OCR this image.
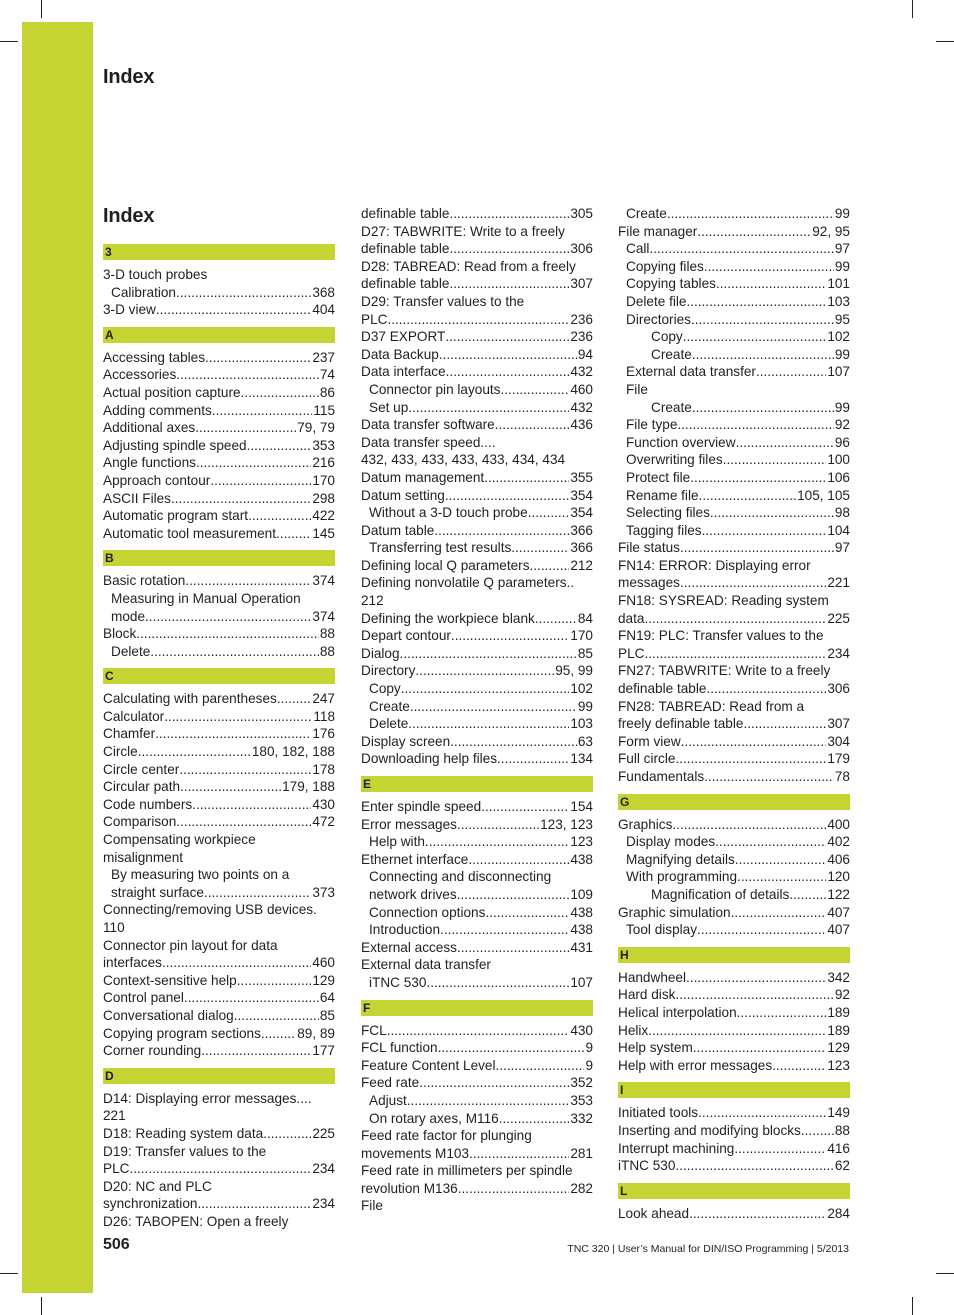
Index
Index
3
3-D touch probes
Calibration .....	368
3-D view .....	404
A
Accessing tables .....	237
Accessories .....	74
Actual position capture .....	86
Adding comments .....	115
Additional axes .....	79, 79
Adjusting spindle speed .....	353
Angle functions .....	216
Approach contour .....	170
ASCII Files .....	298
Automatic program start .....	422
Automatic tool measurement .....	145
B
Basic rotation .....	374
Measuring in Manual Operation
mode .....	374
Block .....	88
Delete .....	88
C
Calculating with parentheses .....	247
Calculator .....	118
Chamfer .....	176
Circle .....	180, 182, 188
Circle center .....	178
Circular path .....	179, 188
Code numbers .....	430
Comparison .....	472
Compensating workpiece
misalignment
By measuring two points on a
straight surface .....	373
Connecting/removing USB devices.
110
Connector pin layout for data
interfaces .....	460
Context-sensitive help .....	129
Control panel .....	64
Conversational dialog .....	85
Copying program sections .....	89, 89
Corner rounding .....	177
D
D14: Displaying error messages....
221
D18: Reading system data .....	225
D19: Transfer values to the
PLC .....	234
D20: NC and PLC
synchronization .....	234
D26: TABOPEN: Open a freely
definable table .....	305
D27: TABWRITE: Write to a freely
definable table .....	306
D28: TABREAD: Read from a freely
definable table .....	307
D29: Transfer values to the
PLC .....	236
D37 EXPORT .....	236
Data Backup .....	94
Data interface .....	432
Connector pin layouts .....	460
Set up .....	432
Data transfer software .....	436
Data transfer speed....
432, 433, 433, 433, 433, 434, 434
Datum management .....	355
Datum setting .....	354
Without a 3-D touch probe .....	354
Datum table .....	366
Transferring test results .....	366
Defining local Q parameters .....	212
Defining nonvolatile Q parameters..
212
Defining the workpiece blank .....	84
Depart contour .....	170
Dialog .....	85
Directory .....	95, 99
Copy .....	102
Create .....	99
Delete .....	103
Display screen .....	63
Downloading help files .....	134
E
Enter spindle speed .....	154
Error messages .....	123, 123
Help with .....	123
Ethernet interface .....	438
Connecting and disconnecting
network drives .....	109
Connection options .....	438
Introduction .....	438
External access .....	431
External data transfer
iTNC 530 .....	107
F
FCL .....	430
FCL function .....	9
Feature Content Level .....	9
Feed rate .....	352
Adjust .....	353
On rotary axes, M116 .....	332
Feed rate factor for plunging
movements M103 .....	281
Feed rate in millimeters per spindle
revolution M136 .....	282
File
Create .....	99
File manager .....	92, 95
Call .....	97
Copying files .....	99
Copying tables .....	101
Delete file .....	103
Directories .....	95
Copy .....	102
Create .....	99
External data transfer .....	107
File
Create .....	99
File type .....	92
Function overview .....	96
Overwriting files .....	100
Protect file .....	106
Rename file .....	105, 105
Selecting files .....	98
Tagging files .....	104
File status .....	97
FN14: ERROR: Displaying error
messages .....	221
FN18: SYSREAD: Reading system
data .....	225
FN19: PLC: Transfer values to the
PLC .....	234
FN27: TABWRITE: Write to a freely
definable table .....	306
FN28: TABREAD: Read from a
freely definable table .....	307
Form view .....	304
Full circle .....	179
Fundamentals .....	78
G
Graphics .....	400
Display modes .....	402
Magnifying details .....	406
With programming .....	120
Magnification of details .....	122
Graphic simulation .....	407
Tool display .....	407
H
Handwheel .....	342
Hard disk .....	92
Helical interpolation .....	189
Helix .....	189
Help system .....	129
Help with error messages .....	123
I
Initiated tools .....	149
Inserting and modifying blocks .....	88
Interrupt machining .....	416
iTNC 530 .....	62
L
Look ahead .....	284
506	TNC 320 | User’s Manual for DIN/ISO Programming | 5/2013
